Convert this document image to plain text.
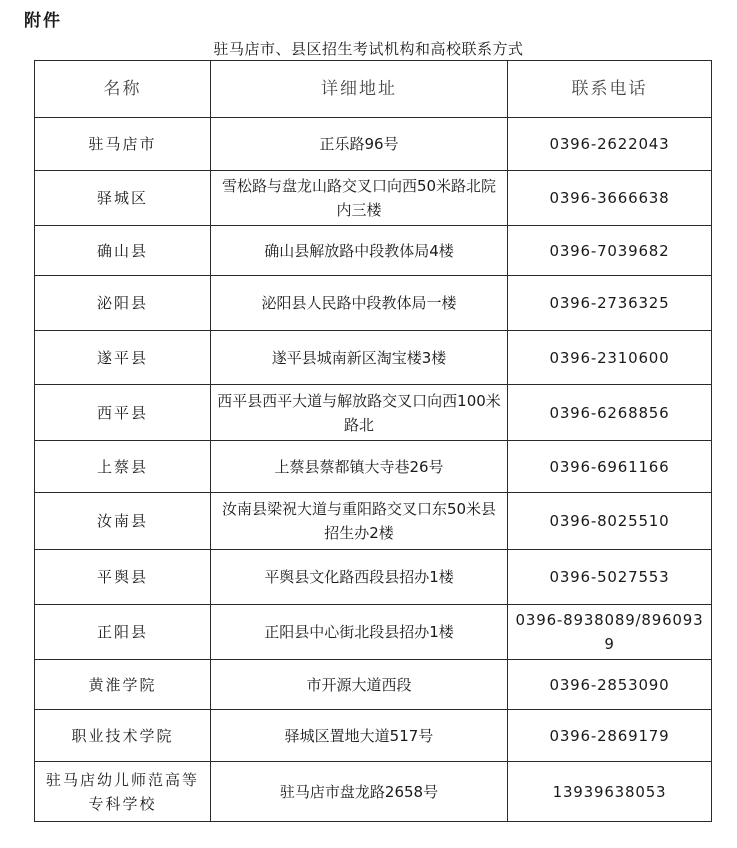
附件
驻马店市、县区招生考试机构和高校联系方式
名称	详细地址	联系电话
驻马店市	正乐路96号	0396-2622043
驿城区	雪松路与盘龙山路交叉口向西50米路北院内三楼	0396-3666638
确山县	确山县解放路中段教体局4楼	0396-7039682
泌阳县	泌阳县人民路中段教体局一楼	0396-2736325
遂平县	遂平县城南新区淘宝楼3楼	0396-2310600
西平县	西平县西平大道与解放路交叉口向西100米路北	0396-6268856
上蔡县	上蔡县蔡都镇大寺巷26号	0396-6961166
汝南县	汝南县梁祝大道与重阳路交叉口东50米县招生办2楼	0396-8025510
平舆县	平舆县文化路西段县招办1楼	0396-5027553
正阳县	正阳县中心街北段县招办1楼	0396-8938089/8960939
黄淮学院	市开源大道西段	0396-2853090
职业技术学院	驿城区置地大道517号	0396-2869179
驻马店幼儿师范高等专科学校	驻马店市盘龙路2658号	13939638053
